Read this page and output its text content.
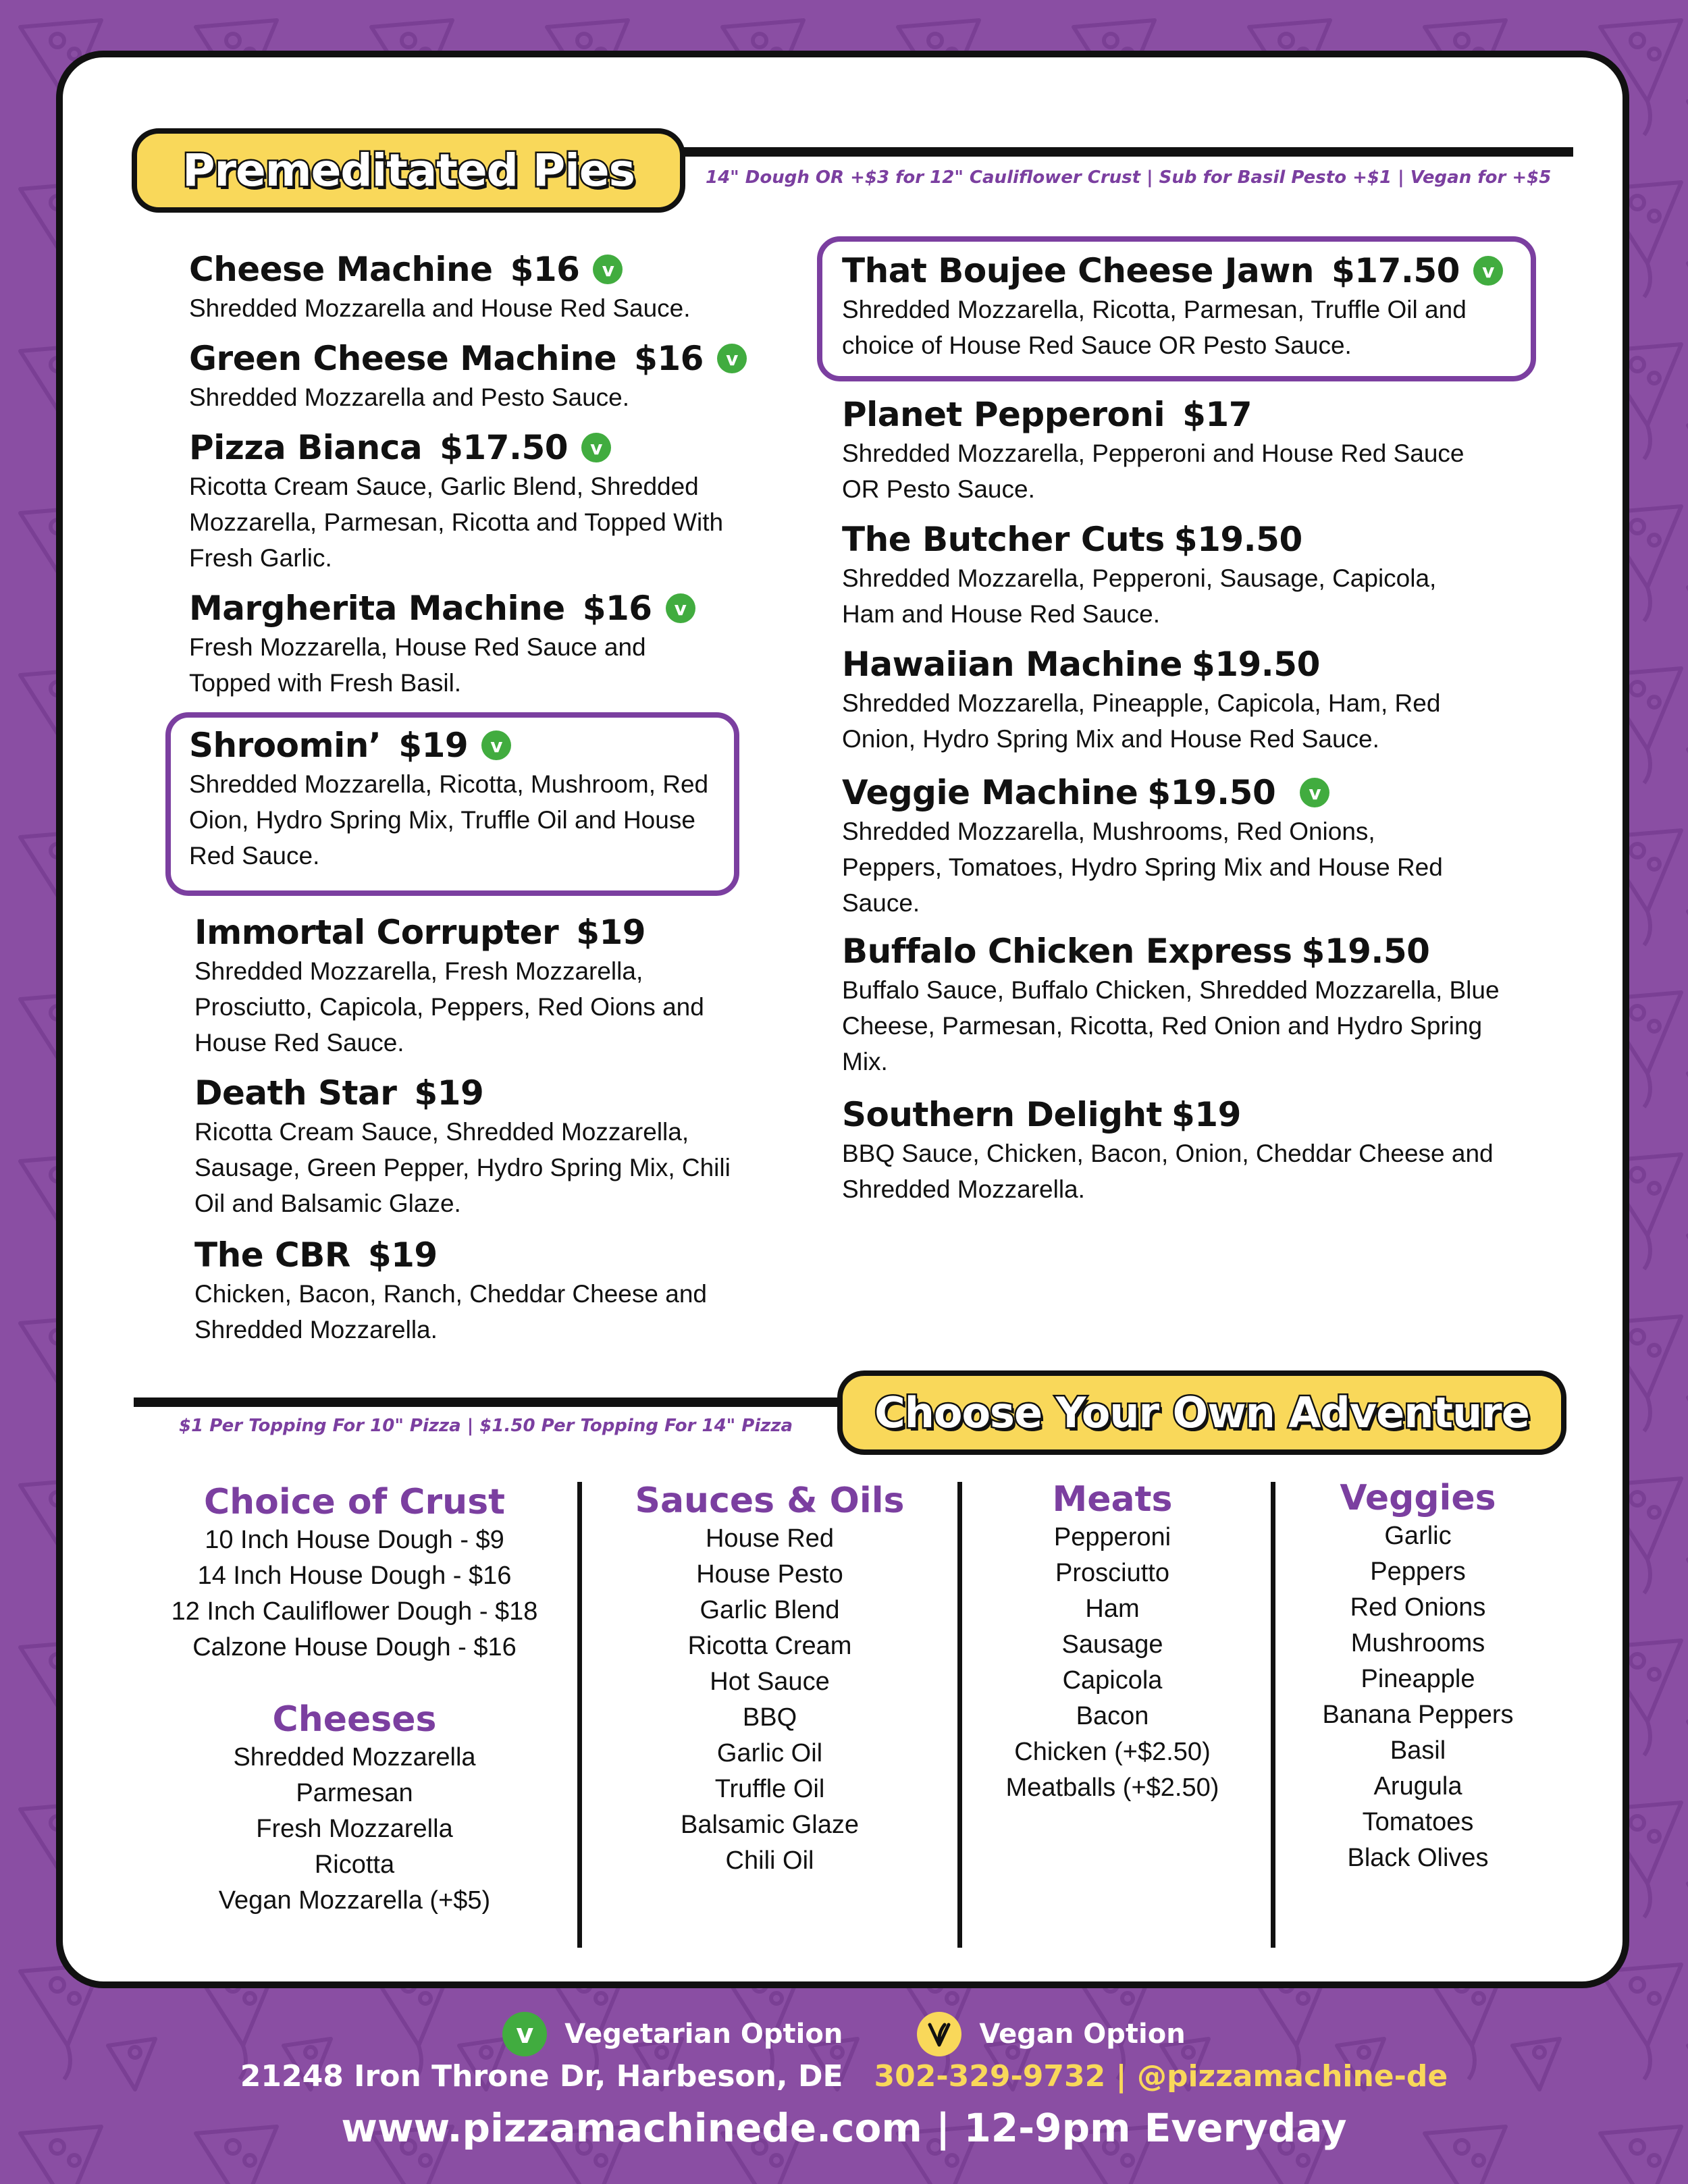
Premeditated Pies	14" Dough OR +$3 for 12" Cauliflower Crust | Sub for Basil Pesto +$1 | Vegan for +$5
Cheese Machine $16	v
Shredded Mozzarella and House Red Sauce.
Green Cheese Machine $16	v
Shredded Mozzarella and Pesto Sauce.
Pizza Bianca $17.50	v
Ricotta Cream Sauce, Garlic Blend, Shredded Mozzarella, Parmesan, Ricotta and Topped With Fresh Garlic.
Margherita Machine $16	v
Fresh Mozzarella, House Red Sauce and Topped with Fresh Basil.
Shroomin’ $19	v
Shredded Mozzarella, Ricotta, Mushroom, Red Oion, Hydro Spring Mix, Truffle Oil and House Red Sauce.
Immortal Corrupter $19
Shredded Mozzarella, Fresh Mozzarella, Prosciutto, Capicola, Peppers, Red Oions and House Red Sauce.
Death Star $19
Ricotta Cream Sauce, Shredded Mozzarella, Sausage, Green Pepper, Hydro Spring Mix, Chili Oil and Balsamic Glaze.
The CBR $19
Chicken, Bacon, Ranch, Cheddar Cheese and Shredded Mozzarella.
That Boujee Cheese Jawn $17.50	v
Shredded Mozzarella, Ricotta, Parmesan, Truffle Oil and choice of House Red Sauce OR Pesto Sauce.
Planet Pepperoni $17
Shredded Mozzarella, Pepperoni and House Red Sauce OR Pesto Sauce.
The Butcher Cuts $19.50
Shredded Mozzarella, Pepperoni, Sausage, Capicola, Ham and House Red Sauce.
Hawaiian Machine $19.50
Shredded Mozzarella, Pineapple, Capicola, Ham, Red Onion, Hydro Spring Mix and House Red Sauce.
Veggie Machine $19.50	v
Shredded Mozzarella, Mushrooms, Red Onions, Peppers, Tomatoes, Hydro Spring Mix and House Red Sauce.
Buffalo Chicken Express $19.50
Buffalo Sauce, Buffalo Chicken, Shredded Mozzarella, Blue Cheese, Parmesan, Ricotta, Red Onion and Hydro Spring Mix.
Southern Delight $19
BBQ Sauce, Chicken, Bacon, Onion, Cheddar Cheese and Shredded Mozzarella.
Choose Your Own Adventure
$1 Per Topping For 10" Pizza | $1.50 Per Topping For 14" Pizza
Choice of Crust
10 Inch House Dough - $9
14 Inch House Dough - $16
12 Inch Cauliflower Dough - $18
Calzone House Dough - $16
Cheeses
Shredded Mozzarella
Parmesan
Fresh Mozzarella
Ricotta
Vegan Mozzarella (+$5)
Sauces & Oils
House Red
House Pesto
Garlic Blend
Ricotta Cream
Hot Sauce
BBQ
Garlic Oil
Truffle Oil
Balsamic Glaze
Chili Oil
Meats
Pepperoni
Prosciutto
Ham
Sausage
Capicola
Bacon
Chicken (+$2.50)
Meatballs (+$2.50)
Veggies
Garlic
Peppers
Red Onions
Mushrooms
Pineapple
Banana Peppers
Basil
Arugula
Tomatoes
Black Olives
v	Vegetarian Option	Vegan Option
21248 Iron Throne Dr, Harbeson, DE 302-329-9732 | @pizzamachine-de
www.pizzamachinede.com | 12-9pm Everyday
